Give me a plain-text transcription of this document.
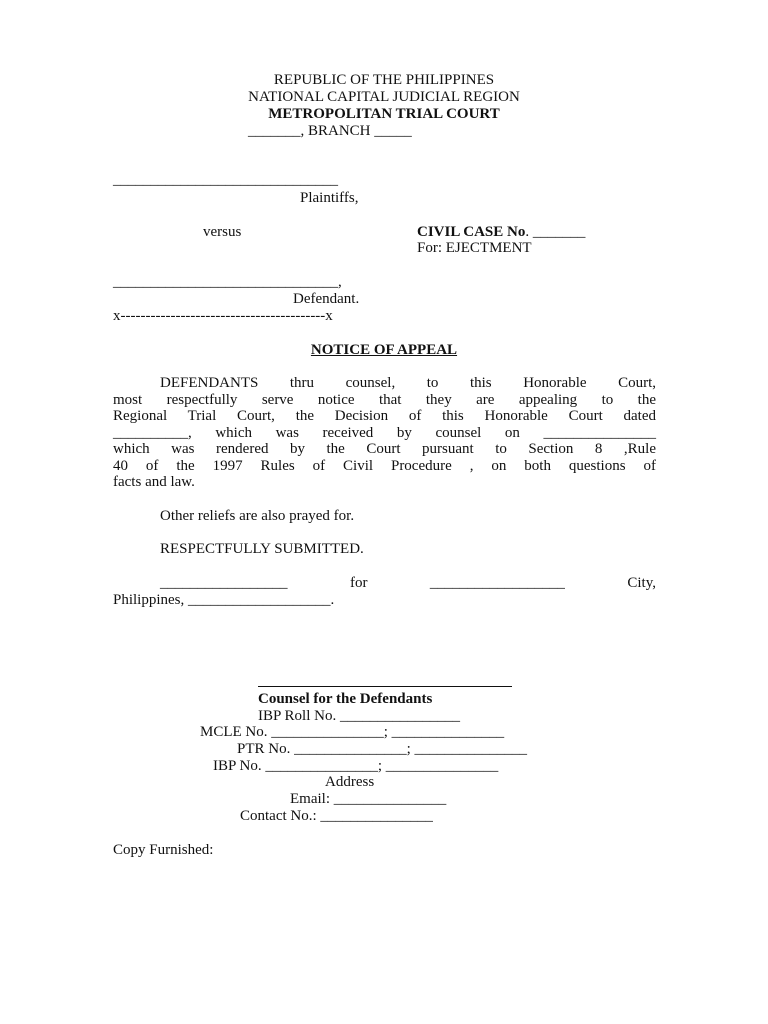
REPUBLIC OF THE PHILIPPINES
NATIONAL CAPITAL JUDICIAL REGION
METROPOLITAN TRIAL COURT
_______, BRANCH _____
______________________________
Plaintiffs,
versus	CIVIL CASE No. _______
For: EJECTMENT
______________________________,
Defendant.
x-----------------------------------------x
NOTICE OF APPEAL
DEFENDANTS thru counsel, to this Honorable Court,
most respectfully serve notice that they are appealing to the
Regional Trial Court, the Decision of this Honorable Court dated
__________, which was received by counsel on _______________
which was rendered by the Court pursuant to Section 8 ,Rule
40 of the 1997 Rules of Civil Procedure , on both questions of
facts and law.
Other reliefs are also prayed for.
RESPECTFULLY SUBMITTED.
_________________ for __________________ City,
Philippines, ___________________.
Counsel for the Defendants
IBP Roll No. ________________
MCLE No. _______________; _______________
PTR No. _______________; _______________
IBP No. _______________; _______________
Address
Email: _______________
Contact No.: _______________
Copy Furnished:
